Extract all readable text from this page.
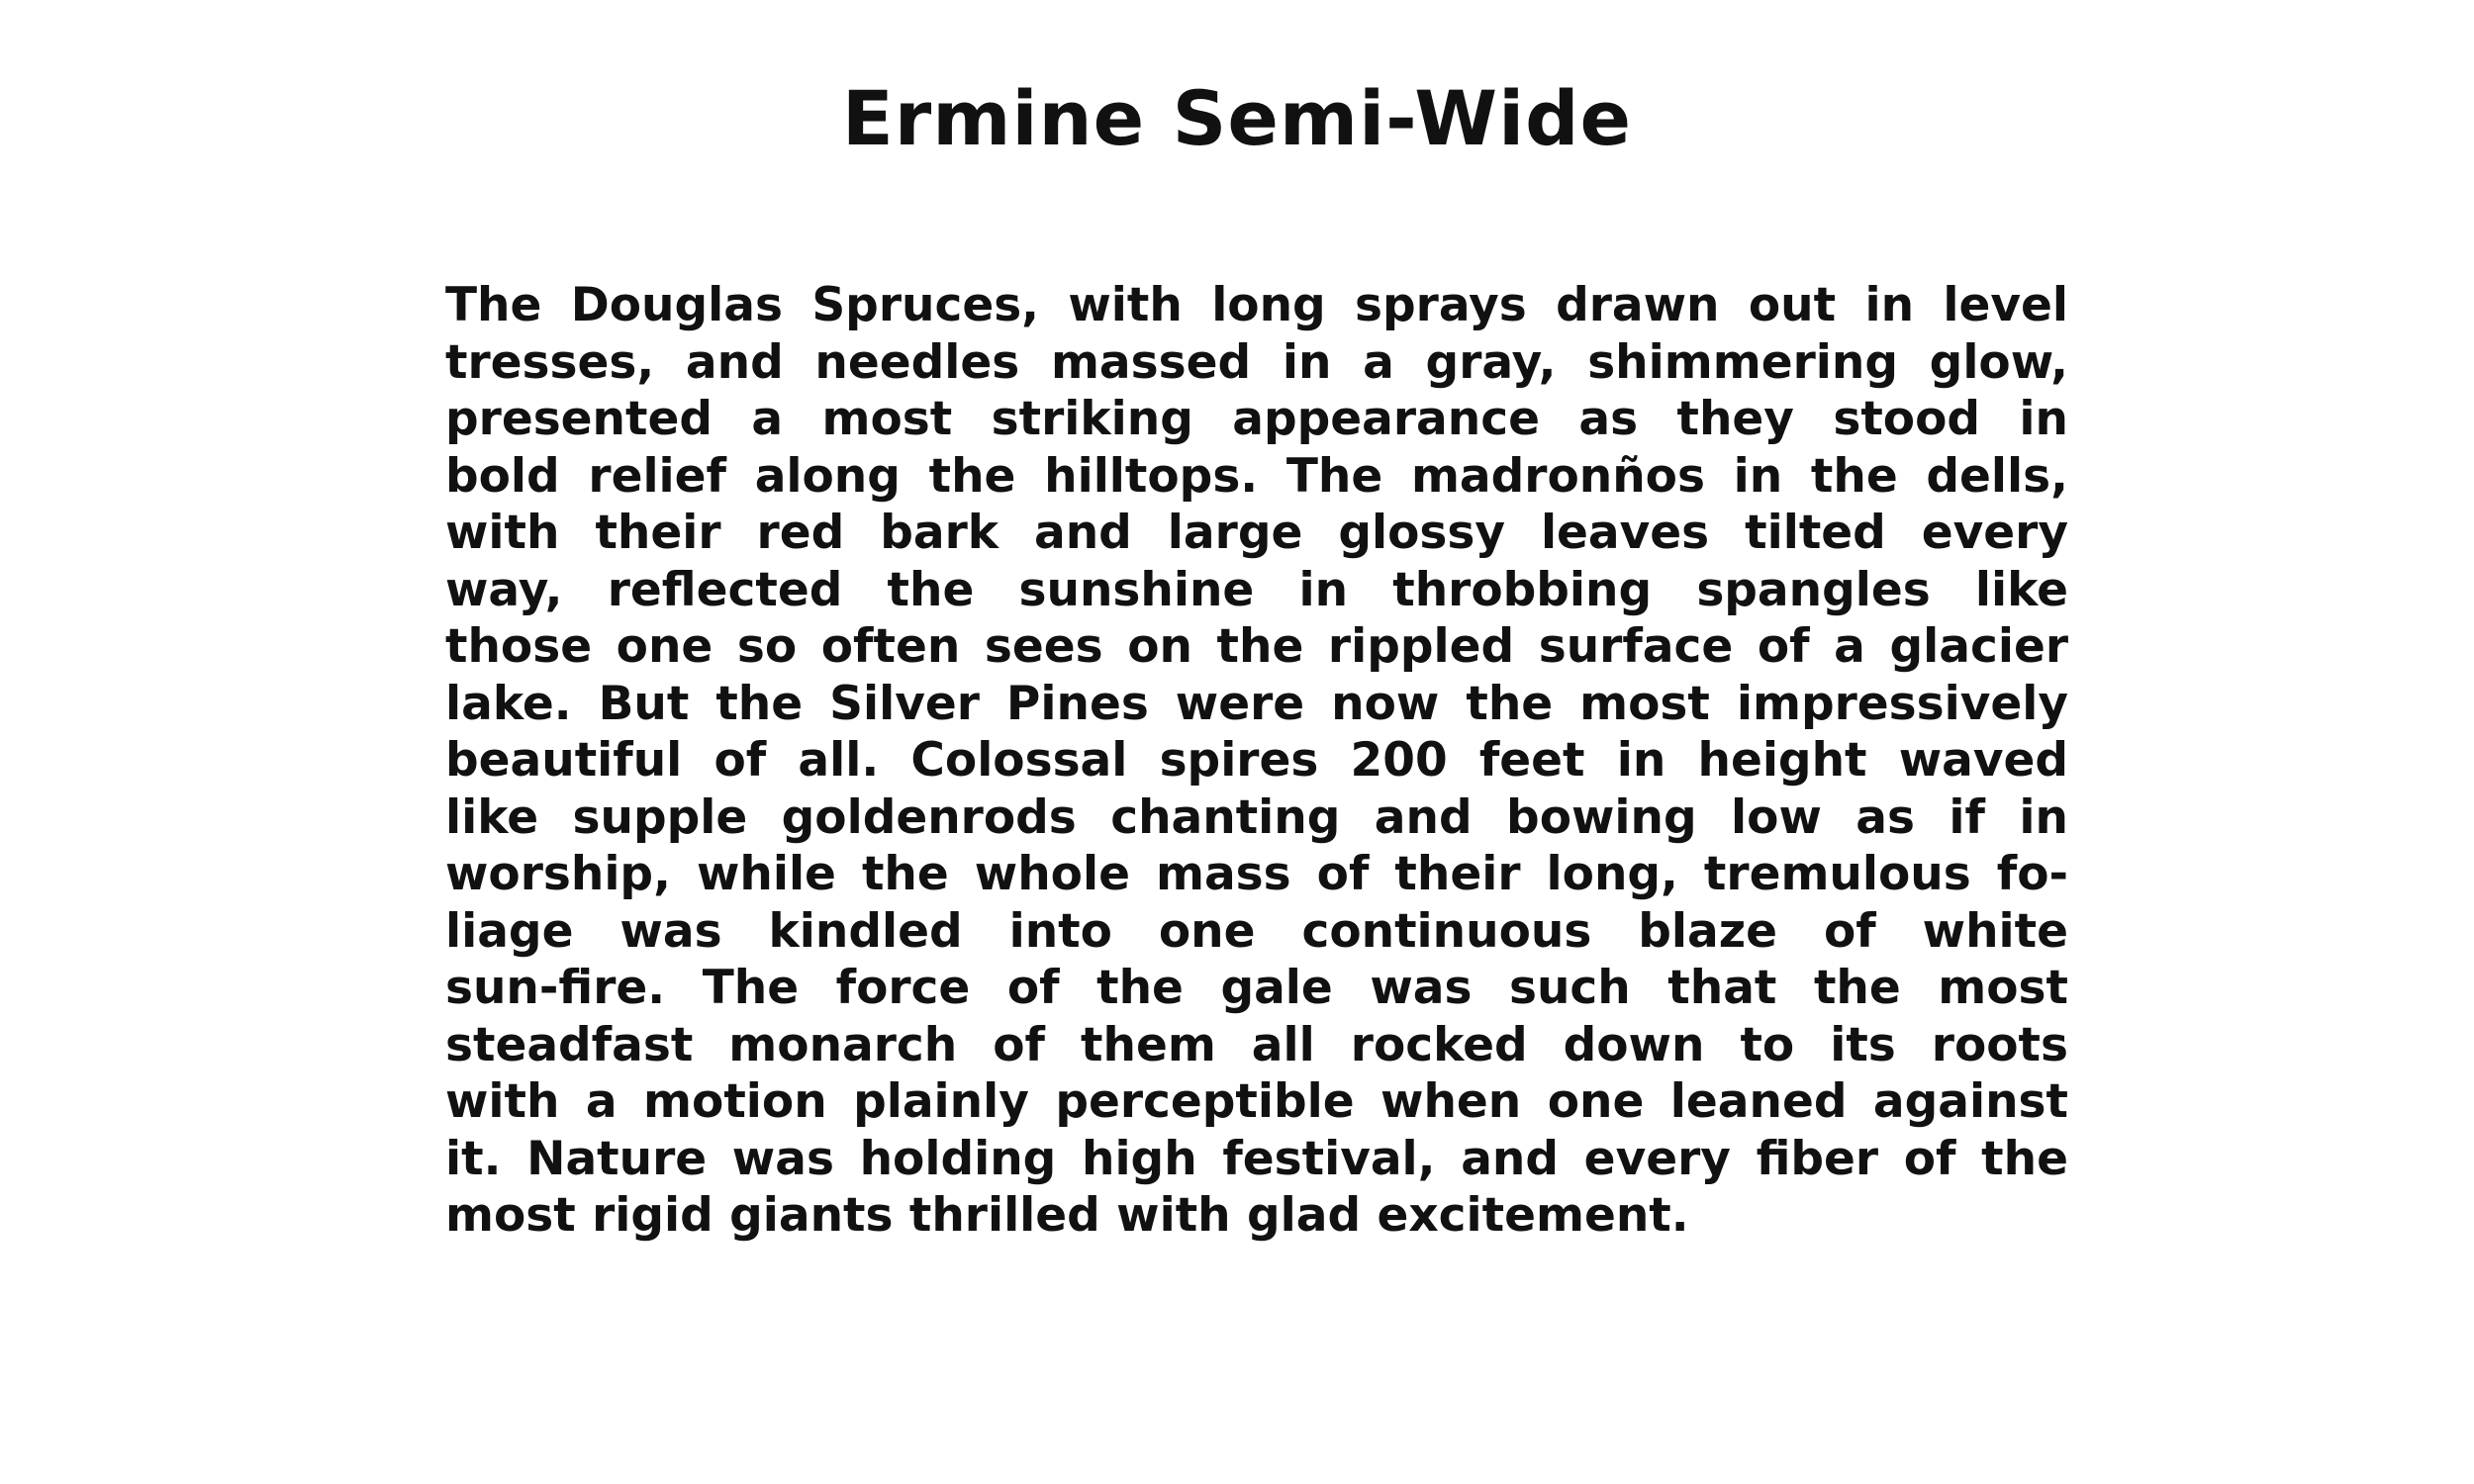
Ermine Semi-Wide
The Douglas Spruces, with long sprays drawn out in level
tresses, and needles massed in a gray, shimmering glow,
presented a most striking appearance as they stood in
bold relief along the hilltops. The madronños in the dells,
with their red bark and large glossy leaves tilted every
way, reflected the sunshine in throbbing spangles like
those one so often sees on the rippled surface of a glacier
lake. But the Silver Pines were now the most impressively
beautiful of all. Colossal spires 200 feet in height waved
like supple goldenrods chanting and bowing low as if in
worship, while the whole mass of their long, tremulous fo-
liage was kindled into one continuous blaze of white
sun-fire. The force of the gale was such that the most
steadfast monarch of them all rocked down to its roots
with a motion plainly perceptible when one leaned against
it. Nature was holding high festival, and every fiber of the
most rigid giants thrilled with glad excitement.
